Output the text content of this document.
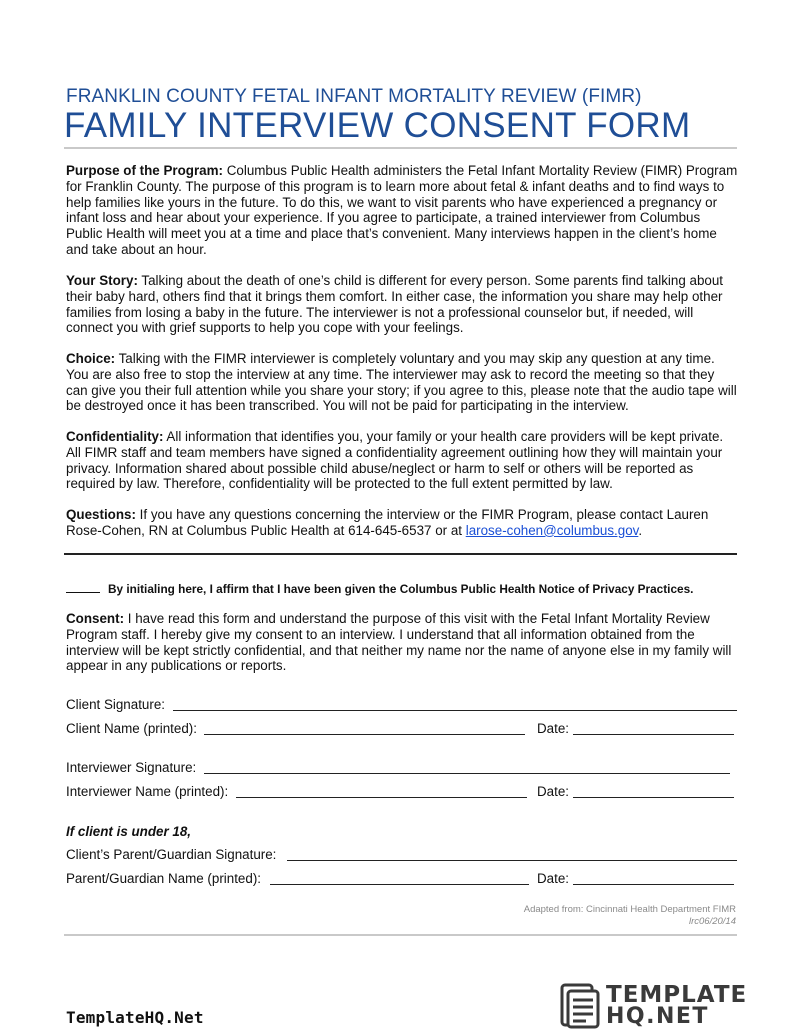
FRANKLIN COUNTY FETAL INFANT MORTALITY REVIEW (FIMR)
FAMILY INTERVIEW CONSENT FORM
Purpose of the Program: Columbus Public Health administers the Fetal Infant Mortality Review (FIMR) Program for Franklin County. The purpose of this program is to learn more about fetal & infant deaths and to find ways to help families like yours in the future. To do this, we want to visit parents who have experienced a pregnancy or infant loss and hear about your experience. If you agree to participate, a trained interviewer from Columbus Public Health will meet you at a time and place that’s convenient. Many interviews happen in the client’s home and take about an hour.
Your Story: Talking about the death of one’s child is different for every person. Some parents find talking about their baby hard, others find that it brings them comfort. In either case, the information you share may help other families from losing a baby in the future. The interviewer is not a professional counselor but, if needed, will connect you with grief supports to help you cope with your feelings.
Choice: Talking with the FIMR interviewer is completely voluntary and you may skip any question at any time. You are also free to stop the interview at any time. The interviewer may ask to record the meeting so that they can give you their full attention while you share your story; if you agree to this, please note that the audio tape will be destroyed once it has been transcribed. You will not be paid for participating in the interview.
Confidentiality: All information that identifies you, your family or your health care providers will be kept private. All FIMR staff and team members have signed a confidentiality agreement outlining how they will maintain your privacy. Information shared about possible child abuse/neglect or harm to self or others will be reported as required by law. Therefore, confidentiality will be protected to the full extent permitted by law.
Questions: If you have any questions concerning the interview or the FIMR Program, please contact Lauren Rose-Cohen, RN at Columbus Public Health at 614-645-6537 or at larose-cohen@columbus.gov.
By initialing here, I affirm that I have been given the Columbus Public Health Notice of Privacy Practices.
Consent: I have read this form and understand the purpose of this visit with the Fetal Infant Mortality Review Program staff. I hereby give my consent to an interview. I understand that all information obtained from the interview will be kept strictly confidential, and that neither my name nor the name of anyone else in my family will appear in any publications or reports.
Client Signature:
Client Name (printed):	Date:
Interviewer Signature:
Interviewer Name (printed):	Date:
If client is under 18,
Client’s Parent/Guardian Signature:
Parent/Guardian Name (printed):	Date:
Adapted from: Cincinnati Health Department FIMR
lrc06/20/14
TemplateHQ.Net
TEMPLATE
HQ.NET
